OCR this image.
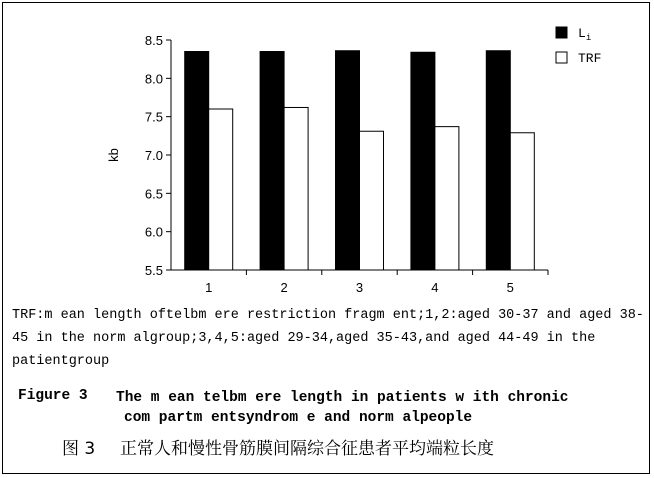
5.5
6.0
6.5
7.0
7.5
8.0
8.5
kb
1	2	3	4	5
$L_i$
TRF
TRF:m ean length oftelbm ere restriction fragm ent;1,2:aged 30-37 and aged 38-45 in the norm algroup;3,4,5:aged 29-34,aged 35-43,and aged 44-49 in the patientgroup
Figure 3 The m ean telbm ere length in patients w ith chronic
com partm entsyndrom e and norm alpeople
图 3 正常人和慢性骨筋膜间隔综合征患者平均端粒长度
